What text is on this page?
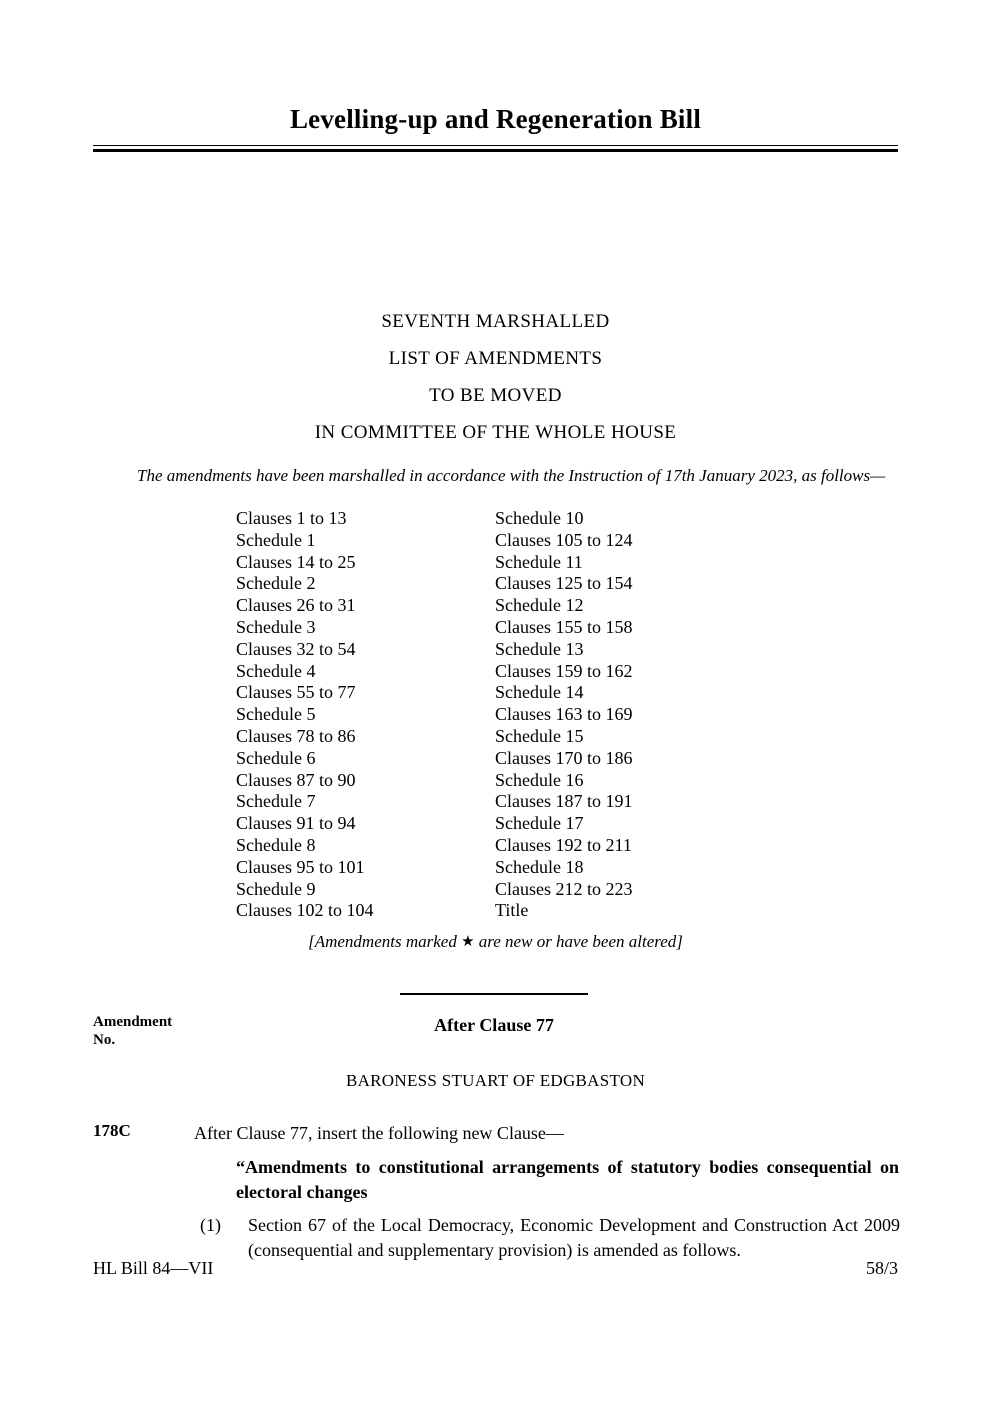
Levelling-up and Regeneration Bill
SEVENTH MARSHALLED
LIST OF AMENDMENTS
TO BE MOVED
IN COMMITTEE OF THE WHOLE HOUSE
The amendments have been marshalled in accordance with the Instruction of 17th January 2023, as follows—
Clauses 1 to 13
Schedule 1
Clauses 14 to 25
Schedule 2
Clauses 26 to 31
Schedule 3
Clauses 32 to 54
Schedule 4
Clauses 55 to 77
Schedule 5
Clauses 78 to 86
Schedule 6
Clauses 87 to 90
Schedule 7
Clauses 91 to 94
Schedule 8
Clauses 95 to 101
Schedule 9
Clauses 102 to 104
Schedule 10
Clauses 105 to 124
Schedule 11
Clauses 125 to 154
Schedule 12
Clauses 155 to 158
Schedule 13
Clauses 159 to 162
Schedule 14
Clauses 163 to 169
Schedule 15
Clauses 170 to 186
Schedule 16
Clauses 187 to 191
Schedule 17
Clauses 192 to 211
Schedule 18
Clauses 212 to 223
Title
[Amendments marked ★ are new or have been altered]
Amendment
No.
After Clause 77
BARONESS STUART OF EDGBASTON
178C	After Clause 77, insert the following new Clause—
“Amendments to constitutional arrangements of statutory bodies consequential on electoral changes
(1)	Section 67 of the Local Democracy, Economic Development and Construction Act 2009 (consequential and supplementary provision) is amended as follows.
HL Bill 84—VII	58/3
